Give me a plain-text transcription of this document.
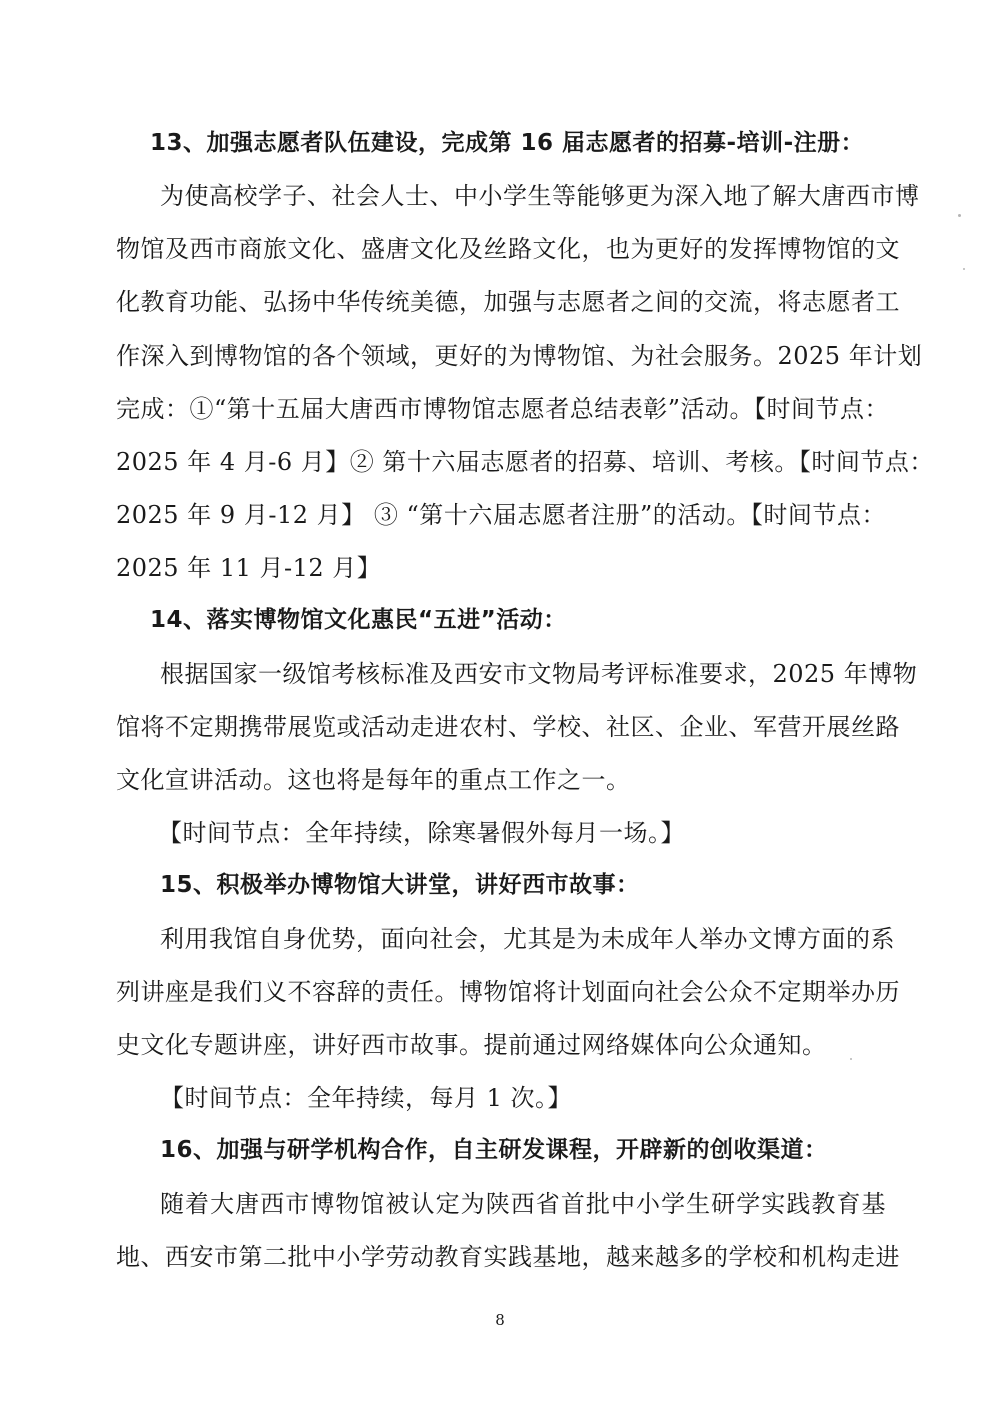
13、加强志愿者队伍建设，完成第 16 届志愿者的招募-培训-注册：
为使高校学子、社会人士、中小学生等能够更为深入地了解大唐西市博
物馆及西市商旅文化、盛唐文化及丝路文化，也为更好的发挥博物馆的文
化教育功能、弘扬中华传统美德，加强与志愿者之间的交流，将志愿者工
作深入到博物馆的各个领域，更好的为博物馆、为社会服务。2025 年计划
完成：①“第十五届大唐西市博物馆志愿者总结表彰”活动。【时间节点：
2025 年 4 月-6 月】② 第十六届志愿者的招募、培训、考核。【时间节点：
2025 年 9 月-12 月】 ③ “第十六届志愿者注册”的活动。【时间节点：
2025 年 11 月-12 月】
14、落实博物馆文化惠民“五进”活动：
根据国家一级馆考核标准及西安市文物局考评标准要求，2025 年博物
馆将不定期携带展览或活动走进农村、学校、社区、企业、军营开展丝路
文化宣讲活动。这也将是每年的重点工作之一。
【时间节点：全年持续，除寒暑假外每月一场。】
15、积极举办博物馆大讲堂，讲好西市故事：
利用我馆自身优势，面向社会，尤其是为未成年人举办文博方面的系
列讲座是我们义不容辞的责任。博物馆将计划面向社会公众不定期举办历
史文化专题讲座，讲好西市故事。提前通过网络媒体向公众通知。
【时间节点：全年持续，每月 1 次。】
16、加强与研学机构合作，自主研发课程，开辟新的创收渠道：
随着大唐西市博物馆被认定为陕西省首批中小学生研学实践教育基
地、西安市第二批中小学劳动教育实践基地，越来越多的学校和机构走进
8
